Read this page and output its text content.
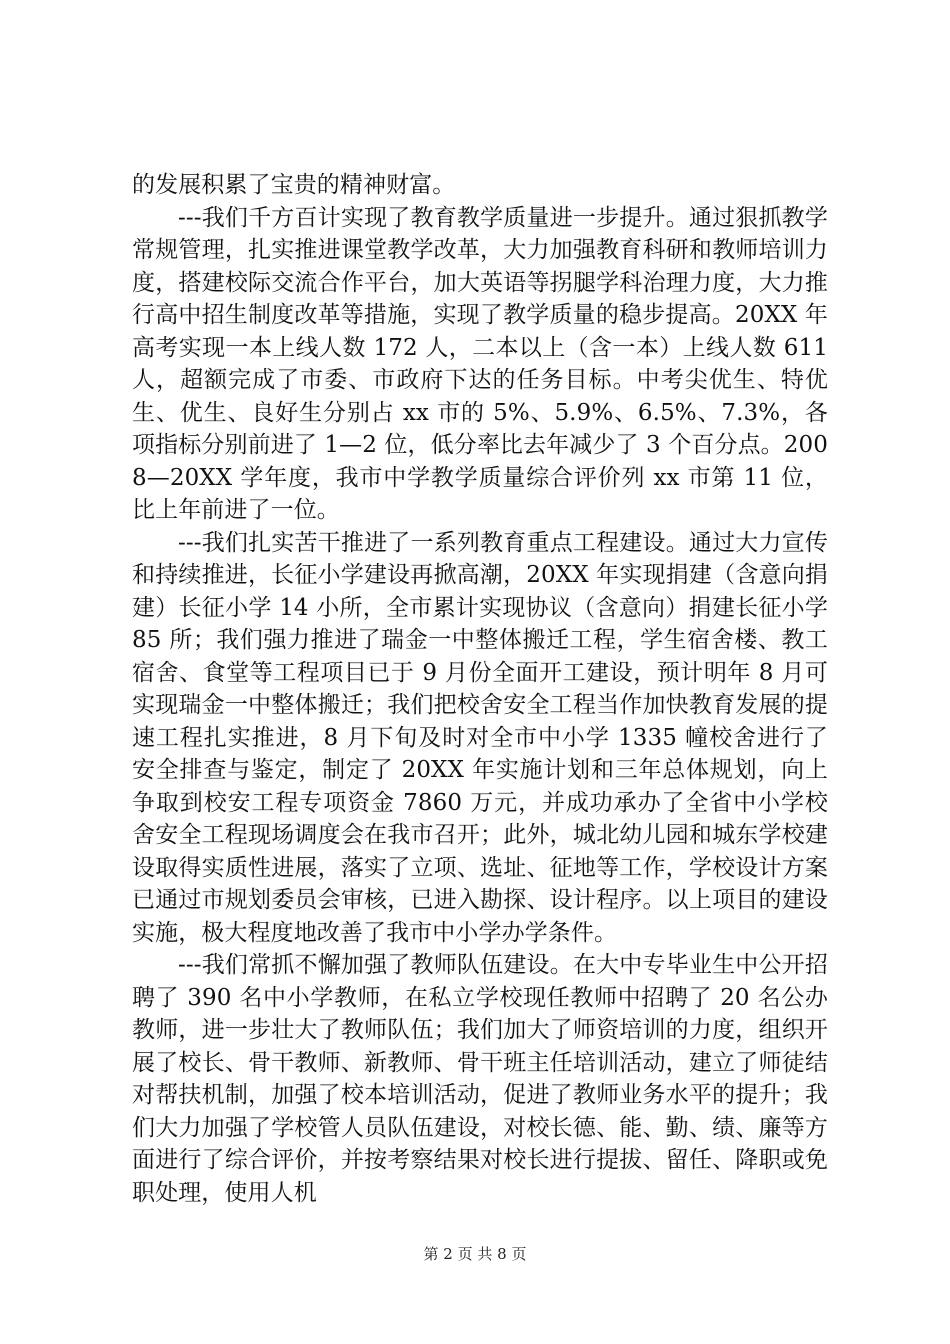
的发展积累了宝贵的精神财富。

---我们千方百计实现了教育教学质量进一步提升。通过狠抓教学常规管理，扎实推进课堂教学改革，大力加强教育科研和教师培训力度，搭建校际交流合作平台，加大英语等拐腿学科治理力度，大力推行高中招生制度改革等措施，实现了教学质量的稳步提高。20XX 年高考实现一本上线人数 172 人，二本以上（含一本）上线人数 611 人，超额完成了市委、市政府下达的任务目标。中考尖优生、特优生、优生、良好生分别占 xx 市的 5%、5.9%、6.5%、7.3%，各项指标分别前进了 1—2 位，低分率比去年减少了 3 个百分点。2008—20XX 学年度，我市中学教学质量综合评价列 xx 市第 11 位，比上年前进了一位。

---我们扎实苦干推进了一系列教育重点工程建设。通过大力宣传和持续推进，长征小学建设再掀高潮，20XX 年实现捐建（含意向捐建）长征小学 14 小所，全市累计实现协议（含意向）捐建长征小学 85 所；我们强力推进了瑞金一中整体搬迁工程，学生宿舍楼、教工宿舍、食堂等工程项目已于 9 月份全面开工建设，预计明年 8 月可实现瑞金一中整体搬迁；我们把校舍安全工程当作加快教育发展的提速工程扎实推进，8 月下旬及时对全市中小学 1335 幢校舍进行了安全排查与鉴定，制定了 20XX 年实施计划和三年总体规划，向上争取到校安工程专项资金 7860 万元，并成功承办了全省中小学校舍安全工程现场调度会在我市召开；此外，城北幼儿园和城东学校建设取得实质性进展，落实了立项、选址、征地等工作，学校设计方案已通过市规划委员会审核，已进入勘探、设计程序。以上项目的建设实施，极大程度地改善了我市中小学办学条件。

---我们常抓不懈加强了教师队伍建设。在大中专毕业生中公开招聘了 390 名中小学教师，在私立学校现任教师中招聘了 20 名公办教师，进一步壮大了教师队伍；我们加大了师资培训的力度，组织开展了校长、骨干教师、新教师、骨干班主任培训活动，建立了师徒结对帮扶机制，加强了校本培训活动，促进了教师业务水平的提升；我们大力加强了学校管人员队伍建设，对校长德、能、勤、绩、廉等方面进行了综合评价，并按考察结果对校长进行提拔、留任、降职或免职处理，使用人机

第 2 页 共 8 页
